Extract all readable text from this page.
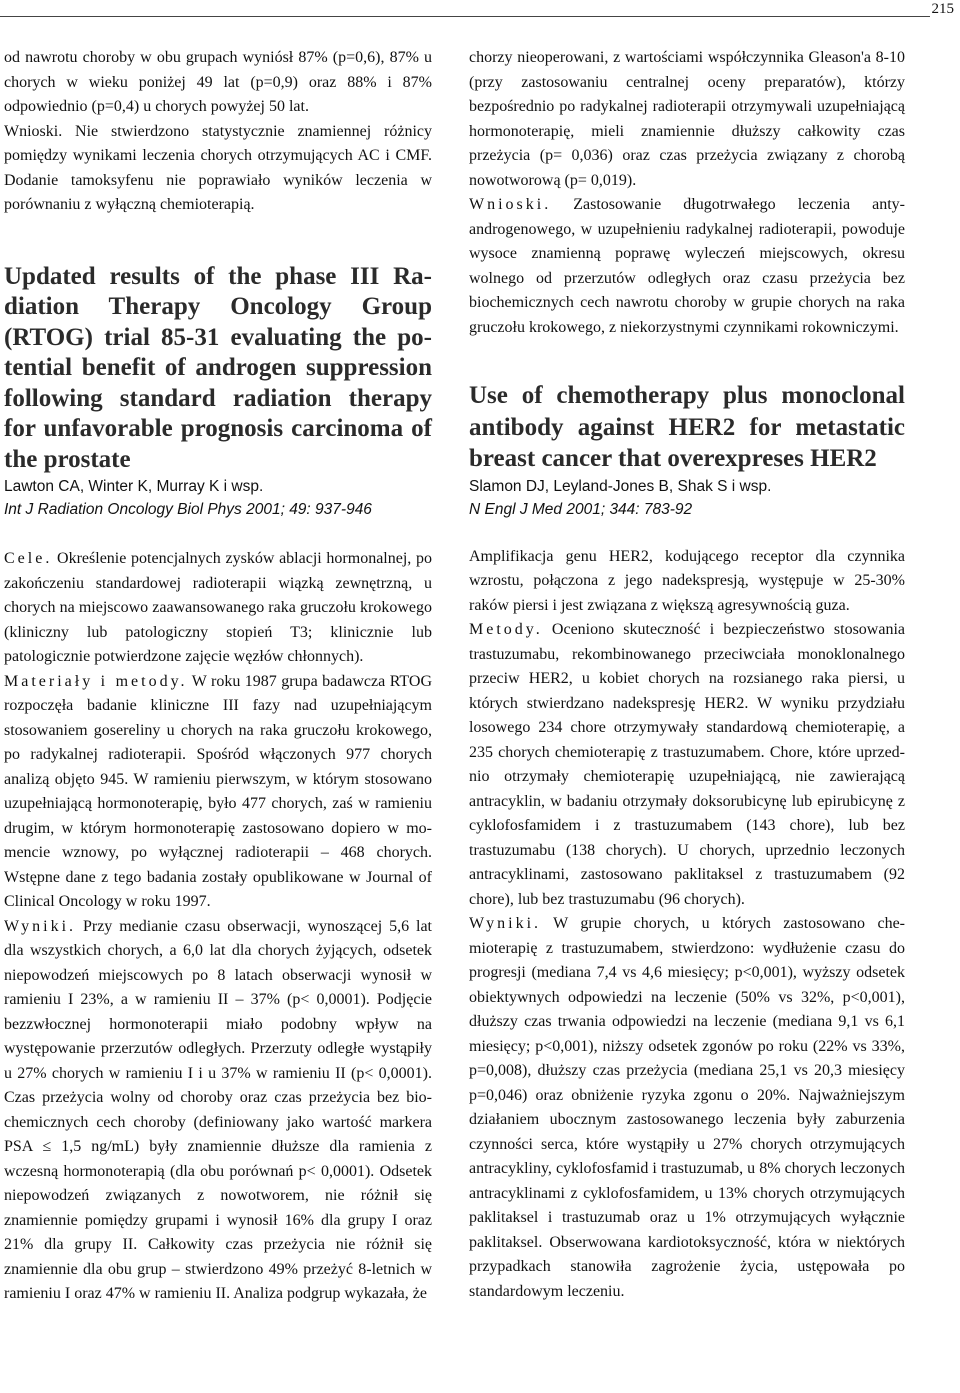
215

od nawrotu choroby w obu grupach wyniósł 87% (p=0,6), 87% u chorych w wieku poniżej 49 lat (p=0,9) oraz 88% i 87% odpowiednio (p=0,4) u chorych powyżej 50 lat.

Wnioski. Nie stwierdzono statystycznie znamiennej różnicy pomiędzy wynikami leczenia chorych otrzymujących AC i CMF. Dodanie tamoksyfenu nie poprawiało wyników leczenia w porównaniu z wyłączną chemioterapią.

Updated results of the phase III Radiation Therapy Oncology Group (RTOG) trial 85-31 evaluating the potential benefit of androgen suppression following standard radiation therapy for unfavorable prognosis carcinoma of the prostate

Lawton CA, Winter K, Murray K i wsp.

Int J Radiation Oncology Biol Phys 2001; 49: 937-946

Cele. Określenie potencjalnych zysków ablacji hormonalnej, po zakończeniu standardowej radioterapii wiązką zewnętrzną, u chorych na miejscowo zaawansowanego raka gruczołu krokowego (kliniczny lub patologiczny stopień T3; klinicznie lub patologicznie potwierdzone zajęcie węzłów chłonnych).

Materiały i metody. W roku 1987 grupa badawcza RTOG rozpoczęła badanie kliniczne III fazy nad uzupełniającym stosowaniem gosereliny u chorych na raka gruczołu krokowego, po radykalnej radioterapii. Spośród włączonych 977 chorych analizą objęto 945. W ramieniu pierwszym, w którym stosowano uzupełniającą hormonoterapię, było 477 chorych, zaś w ramieniu drugim, w którym hormonoterapię zastosowano dopiero w momencie wznowy, po wyłącznej radioterapii – 468 chorych. Wstępne dane z tego badania zostały opublikowane w Journal of Clinical Oncology w roku 1997.

Wyniki. Przy medianie czasu obserwacji, wynoszącej 5,6 lat dla wszystkich chorych, a 6,0 lat dla chorych żyjących, odsetek niepowodzeń miejscowych po 8 latach obserwacji wynosił w ramieniu I 23%, a w ramieniu II – 37% (p< 0,0001). Podjęcie bezzwłocznej hormonoterapii miało podobny wpływ na występowanie przerzutów odległych. Przerzuty odległe wystąpiły u 27% chorych w ramieniu I i u 37% w ramieniu II (p< 0,0001). Czas przeżycia wolny od choroby oraz czas przeżycia bez biochemicznych cech choroby (definiowany jako wartość markera PSA ≤ 1,5 ng/mL) były znamiennie dłuższe dla ramienia z wczesną hormonoterapią (dla obu porównań p< 0,0001). Odsetek niepowodzeń związanych z nowotworem, nie różnił się znamiennie pomiędzy grupami i wynosił 16% dla grupy I oraz 21% dla grupy II. Całkowity czas przeżycia nie różnił się znamiennie dla obu grup – stwierdzono 49% przeżyć 8-letnich w ramieniu I oraz 47% w ramieniu II. Analiza podgrup wykazała, że

chorzy nieoperowani, z wartościami współczynnika Gleason'a 8-10 (przy zastosowaniu centralnej oceny preparatów), którzy bezpośrednio po radykalnej radioterapii otrzymywali uzupełniającą hormonoterapię, mieli znamiennie dłuższy całkowity czas przeżycia (p= 0,036) oraz czas przeżycia związany z chorobą nowotworową (p= 0,019).

Wnioski. Zastosowanie długotrwałego leczenia antyandrogenowego, w uzupełnieniu radykalnej radioterapii, powoduje wysoce znamienną poprawę wyleczeń miejscowych, okresu wolnego od przerzutów odległych oraz czasu przeżycia bez biochemicznych cech nawrotu choroby w grupie chorych na raka gruczołu krokowego, z niekorzystnymi czynnikami rokowniczymi.

Use of chemotherapy plus monoclonal antibody against HER2 for metastatic breast cancer that overexpreses HER2

Slamon DJ, Leyland-Jones B, Shak S i wsp.

N Engl J Med 2001; 344: 783-92

Amplifikacja genu HER2, kodującego receptor dla czynnika wzrostu, połączona z jego nadekspresją, występuje w 25-30% raków piersi i jest związana z większą agresywnością guza.

Metody. Oceniono skuteczność i bezpieczeństwo stosowania trastuzumabu, rekombinowanego przeciwciała monoklonalnego przeciw HER2, u kobiet chorych na rozsianego raka piersi, u których stwierdzano nadekspresję HER2. W wyniku przydziału losowego 234 chore otrzymywały standardową chemioterapię, a 235 chorych chemioterapię z trastuzumabem. Chore, które uprzednio otrzymały chemioterapię uzupełniającą, nie zawierającą antracyklin, w badaniu otrzymały doksorubicynę lub epirubicynę z cyklofosfamidem i z trastuzumabem (143 chore), lub bez trastuzumabu (138 chorych). U chorych, uprzednio leczonych antracyklinami, zastosowano paklitaksel z trastuzumabem (92 chore), lub bez trastuzumabu (96 chorych).

Wyniki. W grupie chorych, u których zastosowano chemioterapię z trastuzumabem, stwierdzono: wydłużenie czasu do progresji (mediana 7,4 vs 4,6 miesięcy; p<0,001), wyższy odsetek obiektywnych odpowiedzi na leczenie (50% vs 32%, p<0,001), dłuższy czas trwania odpowiedzi na leczenie (mediana 9,1 vs 6,1 miesięcy; p<0,001), niższy odsetek zgonów po roku (22% vs 33%, p=0,008), dłuższy czas przeżycia (mediana 25,1 vs 20,3 miesięcy p=0,046) oraz obniżenie ryzyka zgonu o 20%. Najważniejszym działaniem ubocznym zastosowanego leczenia były zaburzenia czynności serca, które wystąpiły u 27% chorych otrzymujących antracykliny, cyklofosfamid i trastuzumab, u 8% chorych leczonych antracyklinami z cyklofosfamidem, u 13% chorych otrzymujących paklitaksel i trastuzumab oraz u 1% otrzymujących wyłącznie paklitaksel. Obserwowana kardiotoksyczność, która w niektórych przypadkach stanowiła zagrożenie życia, ustępowała po standardowym leczeniu.
